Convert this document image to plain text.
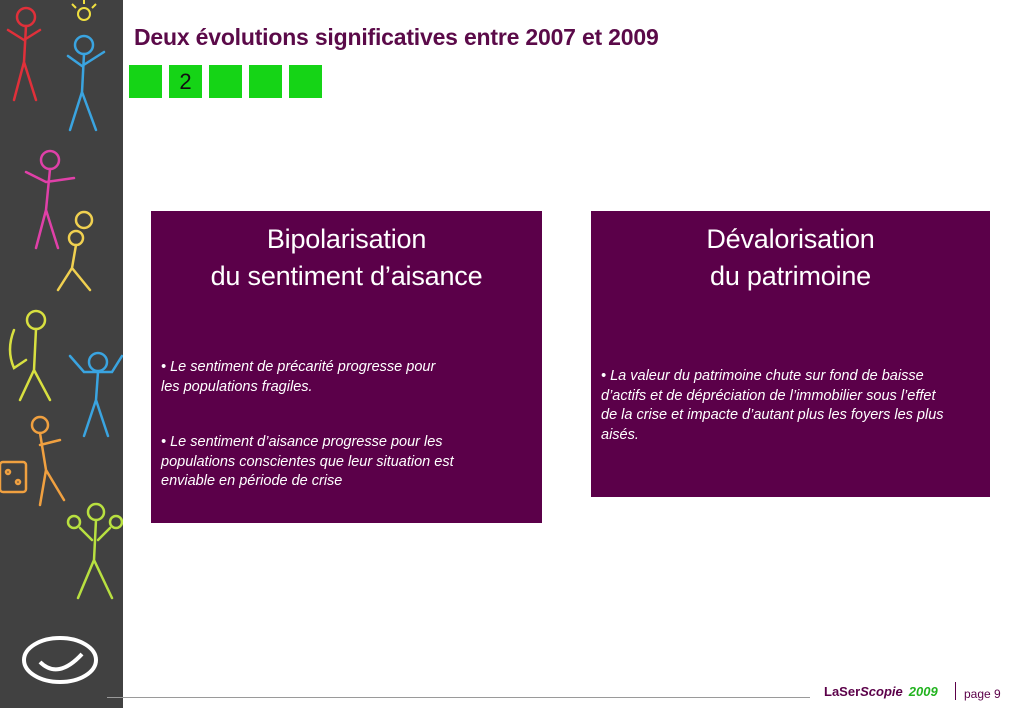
Deux évolutions significatives entre 2007 et 2009
2
Bipolarisation
du sentiment d’aisance

• Le sentiment de précarité progresse pour

les populations fragiles.

• Le sentiment d’aisance progresse pour les

populations conscientes que leur situation est

enviable en période de crise

Dévalorisation
du patrimoine

• La valeur du patrimoine chute sur fond de baisse

d’actifs et de dépréciation de l’immobilier sous l’effet

de la crise et impacte d’autant plus les foyers les plus

aisés.

LaSerScopie 2009 page 9
